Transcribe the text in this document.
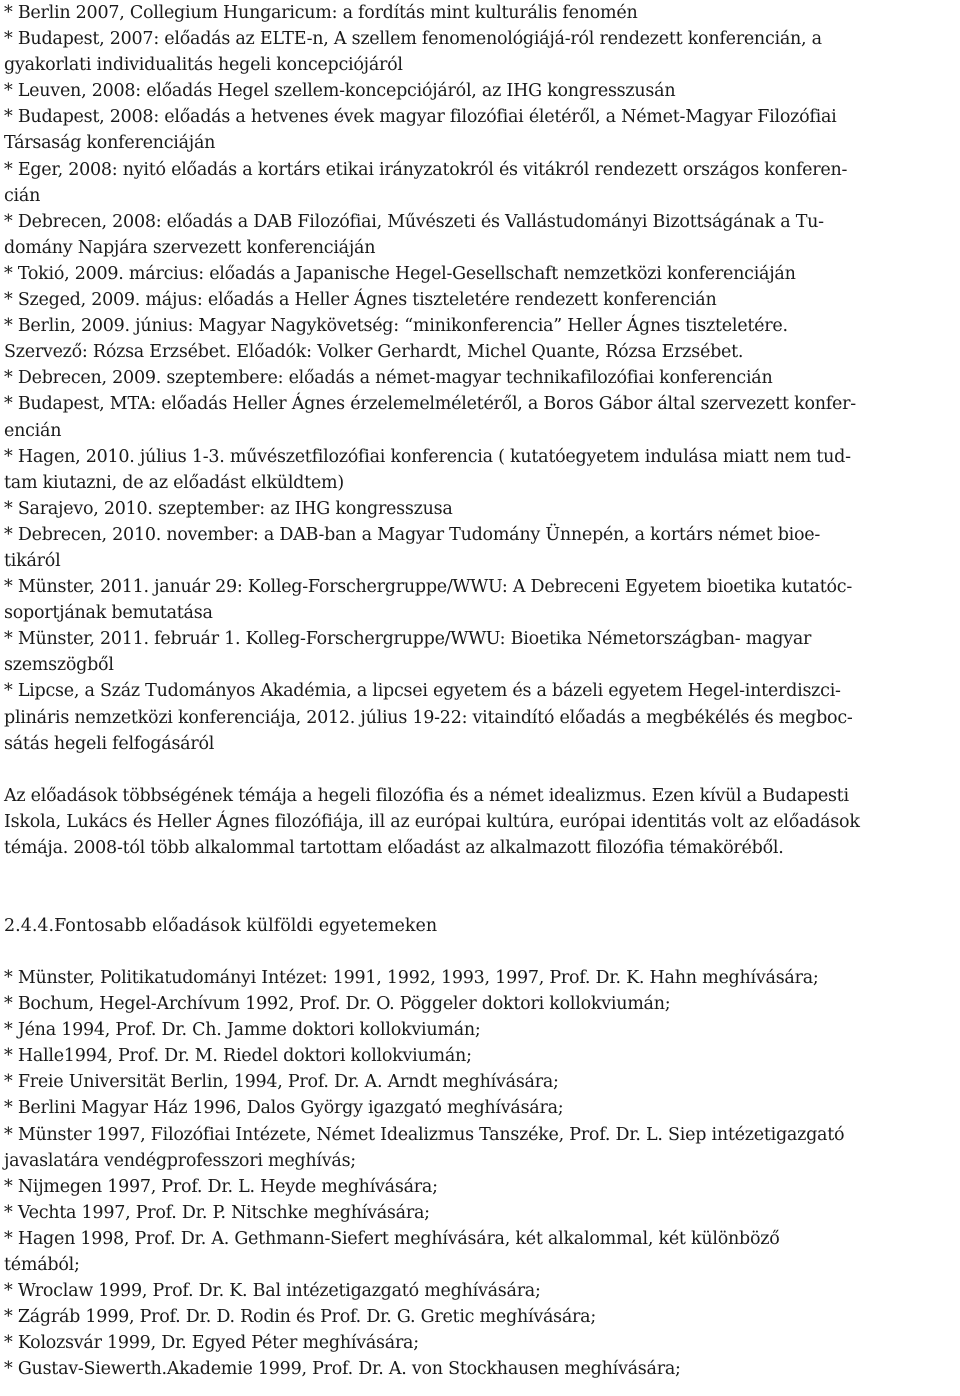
* Berlin 2007, Collegium Hungaricum: a fordítás mint kulturális fenomén
* Budapest, 2007: előadás az ELTE-n, A szellem fenomenológiájá-ról rendezett konferencián, a
gyakorlati individualitás hegeli koncepciójáról
* Leuven, 2008: előadás Hegel szellem-koncepciójáról, az IHG kongresszusán
* Budapest, 2008: előadás a hetvenes évek magyar filozófiai életéről, a Német-Magyar Filozófiai
Társaság konferenciáján
* Eger, 2008: nyitó előadás a kortárs etikai irányzatokról és vitákról rendezett országos konferen-
cián
* Debrecen, 2008: előadás a DAB Filozófiai, Művészeti és Vallástudományi Bizottságának a Tu-
domány Napjára szervezett konferenciáján
* Tokió, 2009. március: előadás a Japanische Hegel-Gesellschaft nemzetközi konferenciáján
* Szeged, 2009. május: előadás a Heller Ágnes tiszteletére rendezett konferencián
* Berlin, 2009. június: Magyar Nagykövetség: “minikonferencia” Heller Ágnes tiszteletére.
Szervező: Rózsa Erzsébet. Előadók: Volker Gerhardt, Michel Quante, Rózsa Erzsébet.
* Debrecen, 2009. szeptembere: előadás a német-magyar technikafilozófiai konferencián
* Budapest, MTA: előadás Heller Ágnes érzelemelméletéről, a Boros Gábor által szervezett konfer-
encián
* Hagen, 2010. július 1-3. művészetfilozófiai konferencia ( kutatóegyetem indulása miatt nem tud-
tam kiutazni, de az előadást elküldtem)
* Sarajevo, 2010. szeptember: az IHG kongresszusa
* Debrecen, 2010. november: a DAB-ban a Magyar Tudomány Ünnepén, a kortárs német bioe-
tikáról
* Münster, 2011. január 29: Kolleg-Forschergruppe/WWU: A Debreceni Egyetem bioetika kutatóc-
soportjának bemutatása
* Münster, 2011. február 1. Kolleg-Forschergruppe/WWU: Bioetika Németországban- magyar
szemszögből
* Lipcse, a Száz Tudományos Akadémia, a lipcsei egyetem és a bázeli egyetem Hegel-interdiszci-
plináris nemzetközi konferenciája, 2012. július 19-22: vitaindító előadás a megbékélés és megboc-
sátás hegeli felfogásáról
Az előadások többségének témája a hegeli filozófia és a német idealizmus. Ezen kívül a Budapesti
Iskola, Lukács és Heller Ágnes filozófiája, ill az európai kultúra, európai identitás volt az előadások
témája. 2008-tól több alkalommal tartottam előadást az alkalmazott filozófia témaköréből.
2.4.4.Fontosabb előadások külföldi egyetemeken
* Münster, Politikatudományi Intézet: 1991, 1992, 1993, 1997, Prof. Dr. K. Hahn meghívására;
* Bochum, Hegel-Archívum 1992, Prof. Dr. O. Pöggeler doktori kollokviumán;
* Jéna 1994, Prof. Dr. Ch. Jamme doktori kollokviumán;
* Halle1994, Prof. Dr. M. Riedel doktori kollokviumán;
* Freie Universität Berlin, 1994, Prof. Dr. A. Arndt meghívására;
* Berlini Magyar Ház 1996, Dalos György igazgató meghívására;
* Münster 1997, Filozófiai Intézete, Német Idealizmus Tanszéke, Prof. Dr. L. Siep intézetigazgató
javaslatára vendégprofesszori meghívás;
* Nijmegen 1997, Prof. Dr. L. Heyde meghívására;
* Vechta 1997, Prof. Dr. P. Nitschke meghívására;
* Hagen 1998, Prof. Dr. A. Gethmann-Siefert meghívására, két alkalommal, két különböző
témából;
* Wroclaw 1999, Prof. Dr. K. Bal intézetigazgató meghívására;
* Zágráb 1999, Prof. Dr. D. Rodin és Prof. Dr. G. Gretic meghívására;
* Kolozsvár 1999, Dr. Egyed Péter meghívására;
* Gustav-Siewerth.Akademie 1999, Prof. Dr. A. von Stockhausen meghívására;
